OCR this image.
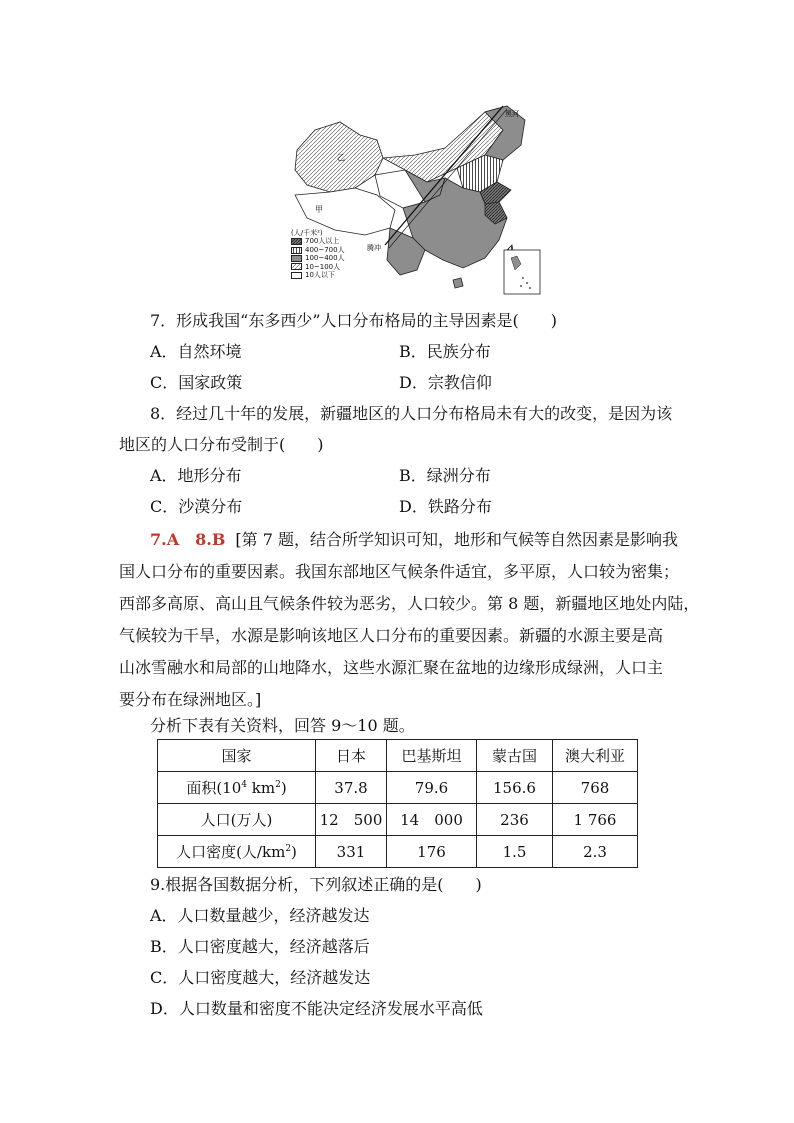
黑河
腾冲
乙
甲
(人/千米²)
700人以上
400~700人
100~400人
10~100人
10人以下
7．形成我国“东多西少”人口分布格局的主导因素是(　　)
A．自然环境	B．民族分布
C．国家政策	D．宗教信仰
8．经过几十年的发展，新疆地区的人口分布格局未有大的改变，是因为该
地区的人口分布受制于(　　)
A．地形分布	B．绿洲分布
C．沙漠分布	D．铁路分布
7.A　8.B [第 7 题，结合所学知识可知，地形和气候等自然因素是影响我
国人口分布的重要因素。我国东部地区气候条件适宜，多平原，人口较为密集；
西部多高原、高山且气候条件较为恶劣，人口较少。第 8 题，新疆地区地处内陆，
气候较为干旱，水源是影响该地区人口分布的重要因素。新疆的水源主要是高
山冰雪融水和局部的山地降水，这些水源汇聚在盆地的边缘形成绿洲，人口主
要分布在绿洲地区。]
分析下表有关资料，回答 9～10 题。
国家	日本	巴基斯坦	蒙古国	澳大利亚
面积($10^4$ $km^2$)	37.8	79.6	156.6	768
人口(万人)	12　500	14　000	236	1 766
人口密度(人$/km^2$)	331	176	1.5	2.3
9.根据各国数据分析，下列叙述正确的是(　　)
A．人口数量越少，经济越发达
B．人口密度越大，经济越落后
C．人口密度越大，经济越发达
D．人口数量和密度不能决定经济发展水平高低
